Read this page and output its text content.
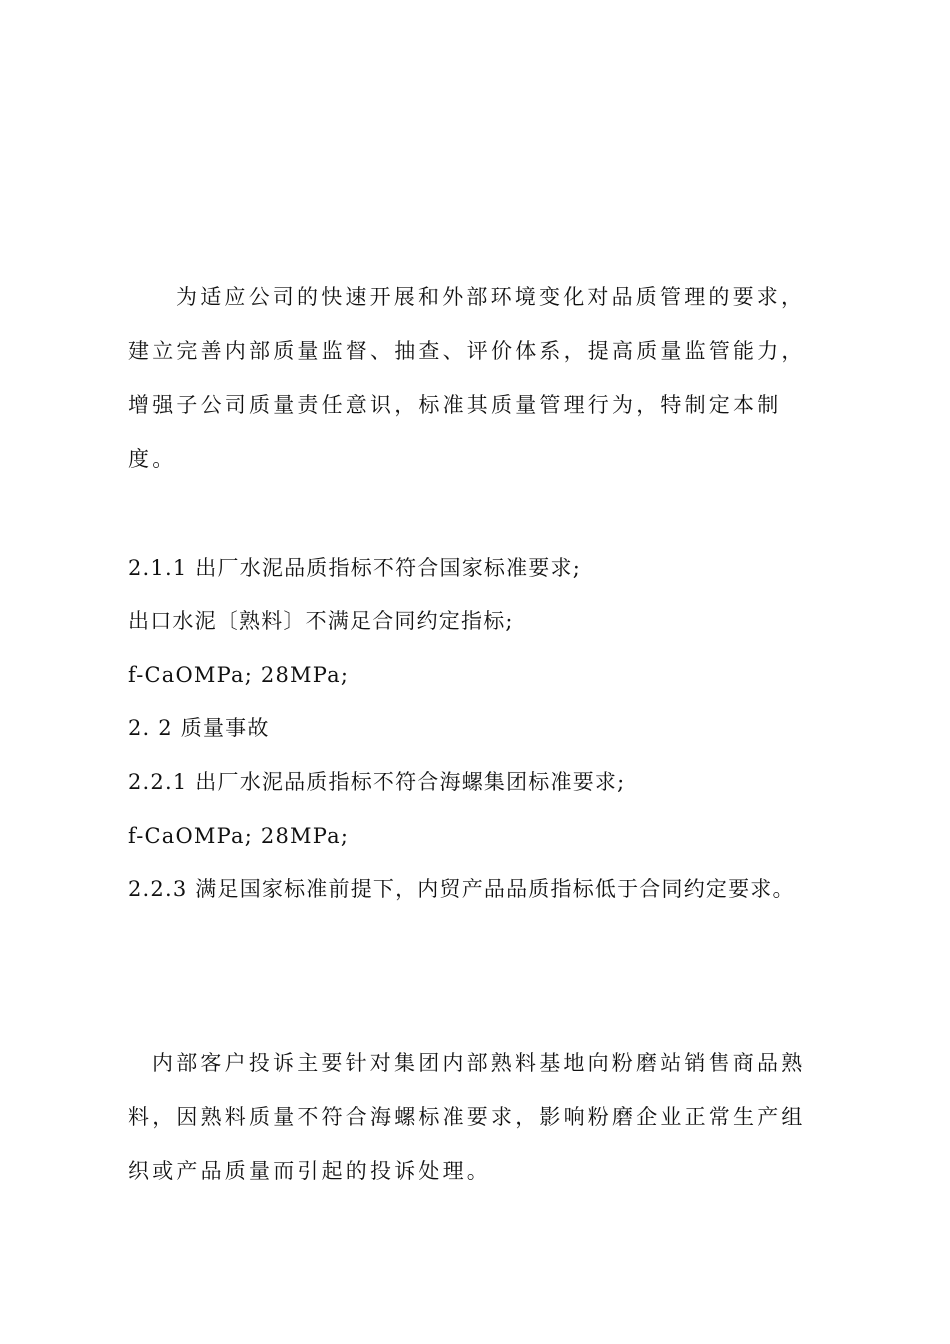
为适应公司的快速开展和外部环境变化对品质管理的要求，建立完善内部质量监督、抽查、评价体系，提高质量监管能力，增强子公司质量责任意识，标准其质量管理行为，特制定本制度。

2.1.1 出厂水泥品质指标不符合国家标准要求;

出口水泥〔熟料〕不满足合同约定指标;

f-CaOMPa; 28MPa;

2. 2 质量事故

2.2.1 出厂水泥品质指标不符合海螺集团标准要求;

f-CaOMPa; 28MPa;

2.2.3 满足国家标准前提下，内贸产品品质指标低于合同约定要求。

内部客户投诉主要针对集团内部熟料基地向粉磨站销售商品熟料，因熟料质量不符合海螺标准要求，影响粉磨企业正常生产组织或产品质量而引起的投诉处理。
